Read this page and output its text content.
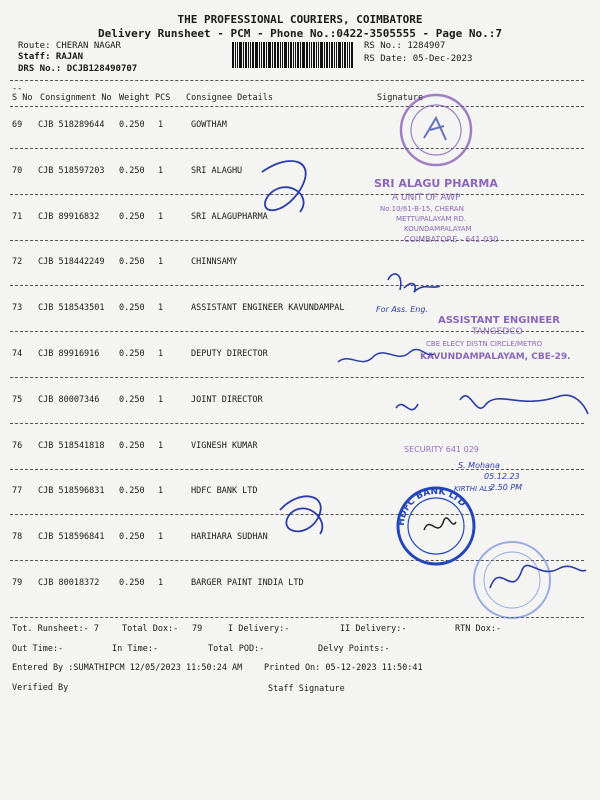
THE PROFESSIONAL COURIERS, COIMBATORE
Delivery Runsheet - PCM - Phone No.:0422-3505555 - Page No.:7
Route: CHERAN NAGAR
Staff: RAJAN
DRS No.: DCJB128490707
RS No.: 1284907
RS Date: 05-Dec-2023
--
S No Consignment No Weight PCS Consignee Details	Signature
69 CJB 518289644 0.250 1	GOWTHAM
70 CJB 518597203 0.250 1	SRI ALAGHU
71 CJB 89916832 0.250 1	SRI ALAGUPHARMA
72 CJB 518442249 0.250 1	CHINNSAMY
73 CJB 518543501 0.250 1	ASSISTANT ENGINEER KAVUNDAMPAL
74 CJB 89916916 0.250 1	DEPUTY DIRECTOR
75 CJB 80007346 0.250 1	JOINT DIRECTOR
76 CJB 518541818 0.250 1	VIGNESH KUMAR
77 CJB 518596831 0.250 1	HDFC BANK LTD
78 CJB 518596841 0.250 1	HARIHARA SUDHAN
79 CJB 80018372 0.250 1	BARGER PAINT INDIA LTD
Tot. Runsheet:- 7	Total Dox:- 79	I Delivery:-	II Delivery:-	RTN Dox:-
Out Time:-	In Time:-	Total POD:-	Delvy Points:-
Entered By :SUMATHIPCM 12/05/2023 11:50:24 AM	Printed On: 05-12-2023 11:50:41
Verified By	Staff Signature
SRI ALAGU PHARMA
A UNIT OF AWP
No.10/61-B-15, CHERAN
METTUPALAYAM RD.
KOUNDAMPALAYAM
COIMBATORE - 641 030
For Ass. Eng.
ASSISTANT ENGINEER
TANGEDCO
CBE ELECY DISTN CIRCLE/METRO
KAVUNDAMPALAYAM, CBE-29.
SECURITY 641 029
S. Mohana
05.12.23
2.50 PM
KIRTHI ALS
HDFC BANK LTD
